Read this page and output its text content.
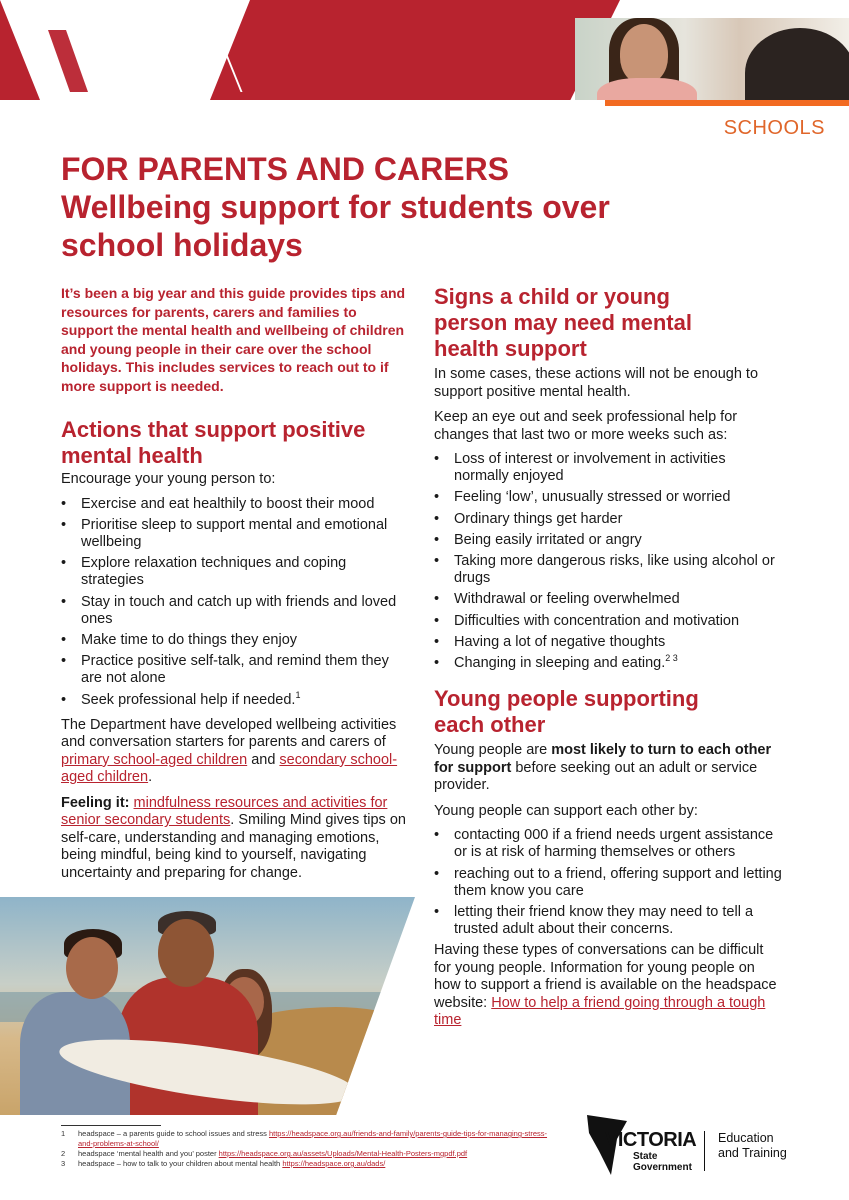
THE
EDUCATION
STATE
SCHOOLS
FOR PARENTS AND CARERS
Wellbeing support for students over
school holidays

It’s been a big year and this guide provides tips and resources for parents, carers and families to support the mental health and wellbeing of children and young people in their care over the school holidays. This includes services to reach out to if more support is needed.

Actions that support positive mental health

Encourage your young person to:

• Exercise and eat healthily to boost their mood
• Prioritise sleep to support mental and emotional wellbeing
• Explore relaxation techniques and coping strategies
• Stay in touch and catch up with friends and loved ones
• Make time to do things they enjoy
• Practice positive self-talk, and remind them they are not alone
• Seek professional help if needed.$^1$

The Department have developed wellbeing activities and conversation starters for parents and carers of primary school-aged children and secondary school-aged children.

Feeling it: mindfulness resources and activities for senior secondary students. Smiling Mind gives tips on self-care, understanding and managing emotions, being mindful, being kind to yourself, navigating uncertainty and preparing for change.

Signs a child or young person may need mental health support

In some cases, these actions will not be enough to support positive mental health.

Keep an eye out and seek professional help for changes that last two or more weeks such as:

• Loss of interest or involvement in activities normally enjoyed
• Feeling ‘low’, unusually stressed or worried
• Ordinary things get harder
• Being easily irritated or angry
• Taking more dangerous risks, like using alcohol or drugs
• Withdrawal or feeling overwhelmed
• Difficulties with concentration and motivation
• Having a lot of negative thoughts
• Changing in sleeping and eating.$^{2 3}$
Young people supporting each other

Young people are most likely to turn to each other for support before seeking out an adult or service provider.

Young people can support each other by:

• contacting 000 if a friend needs urgent assistance or is at risk of harming themselves or others
• reaching out to a friend, offering support and letting them know you care
• letting their friend know they may need to tell a trusted adult about their concerns.

Having these types of conversations can be difficult for young people. Information for young people on how to support a friend is available on the headspace website: How to help a friend going through a tough time

1 headspace – a parents guide to school issues and stress https://headspace.org.au/friends-and-family/parents-guide-tips-for-managing-stress-and-problems-at-school/
2 headspace ‘mental health and you’ poster https://headspace.org.au/assets/Uploads/Mental-Health-Posters-mgpdf.pdf
3 headspace – how to talk to your children about mental health https://headspace.org.au/dads/
VICTORIA
State
Government
Education
and Training
